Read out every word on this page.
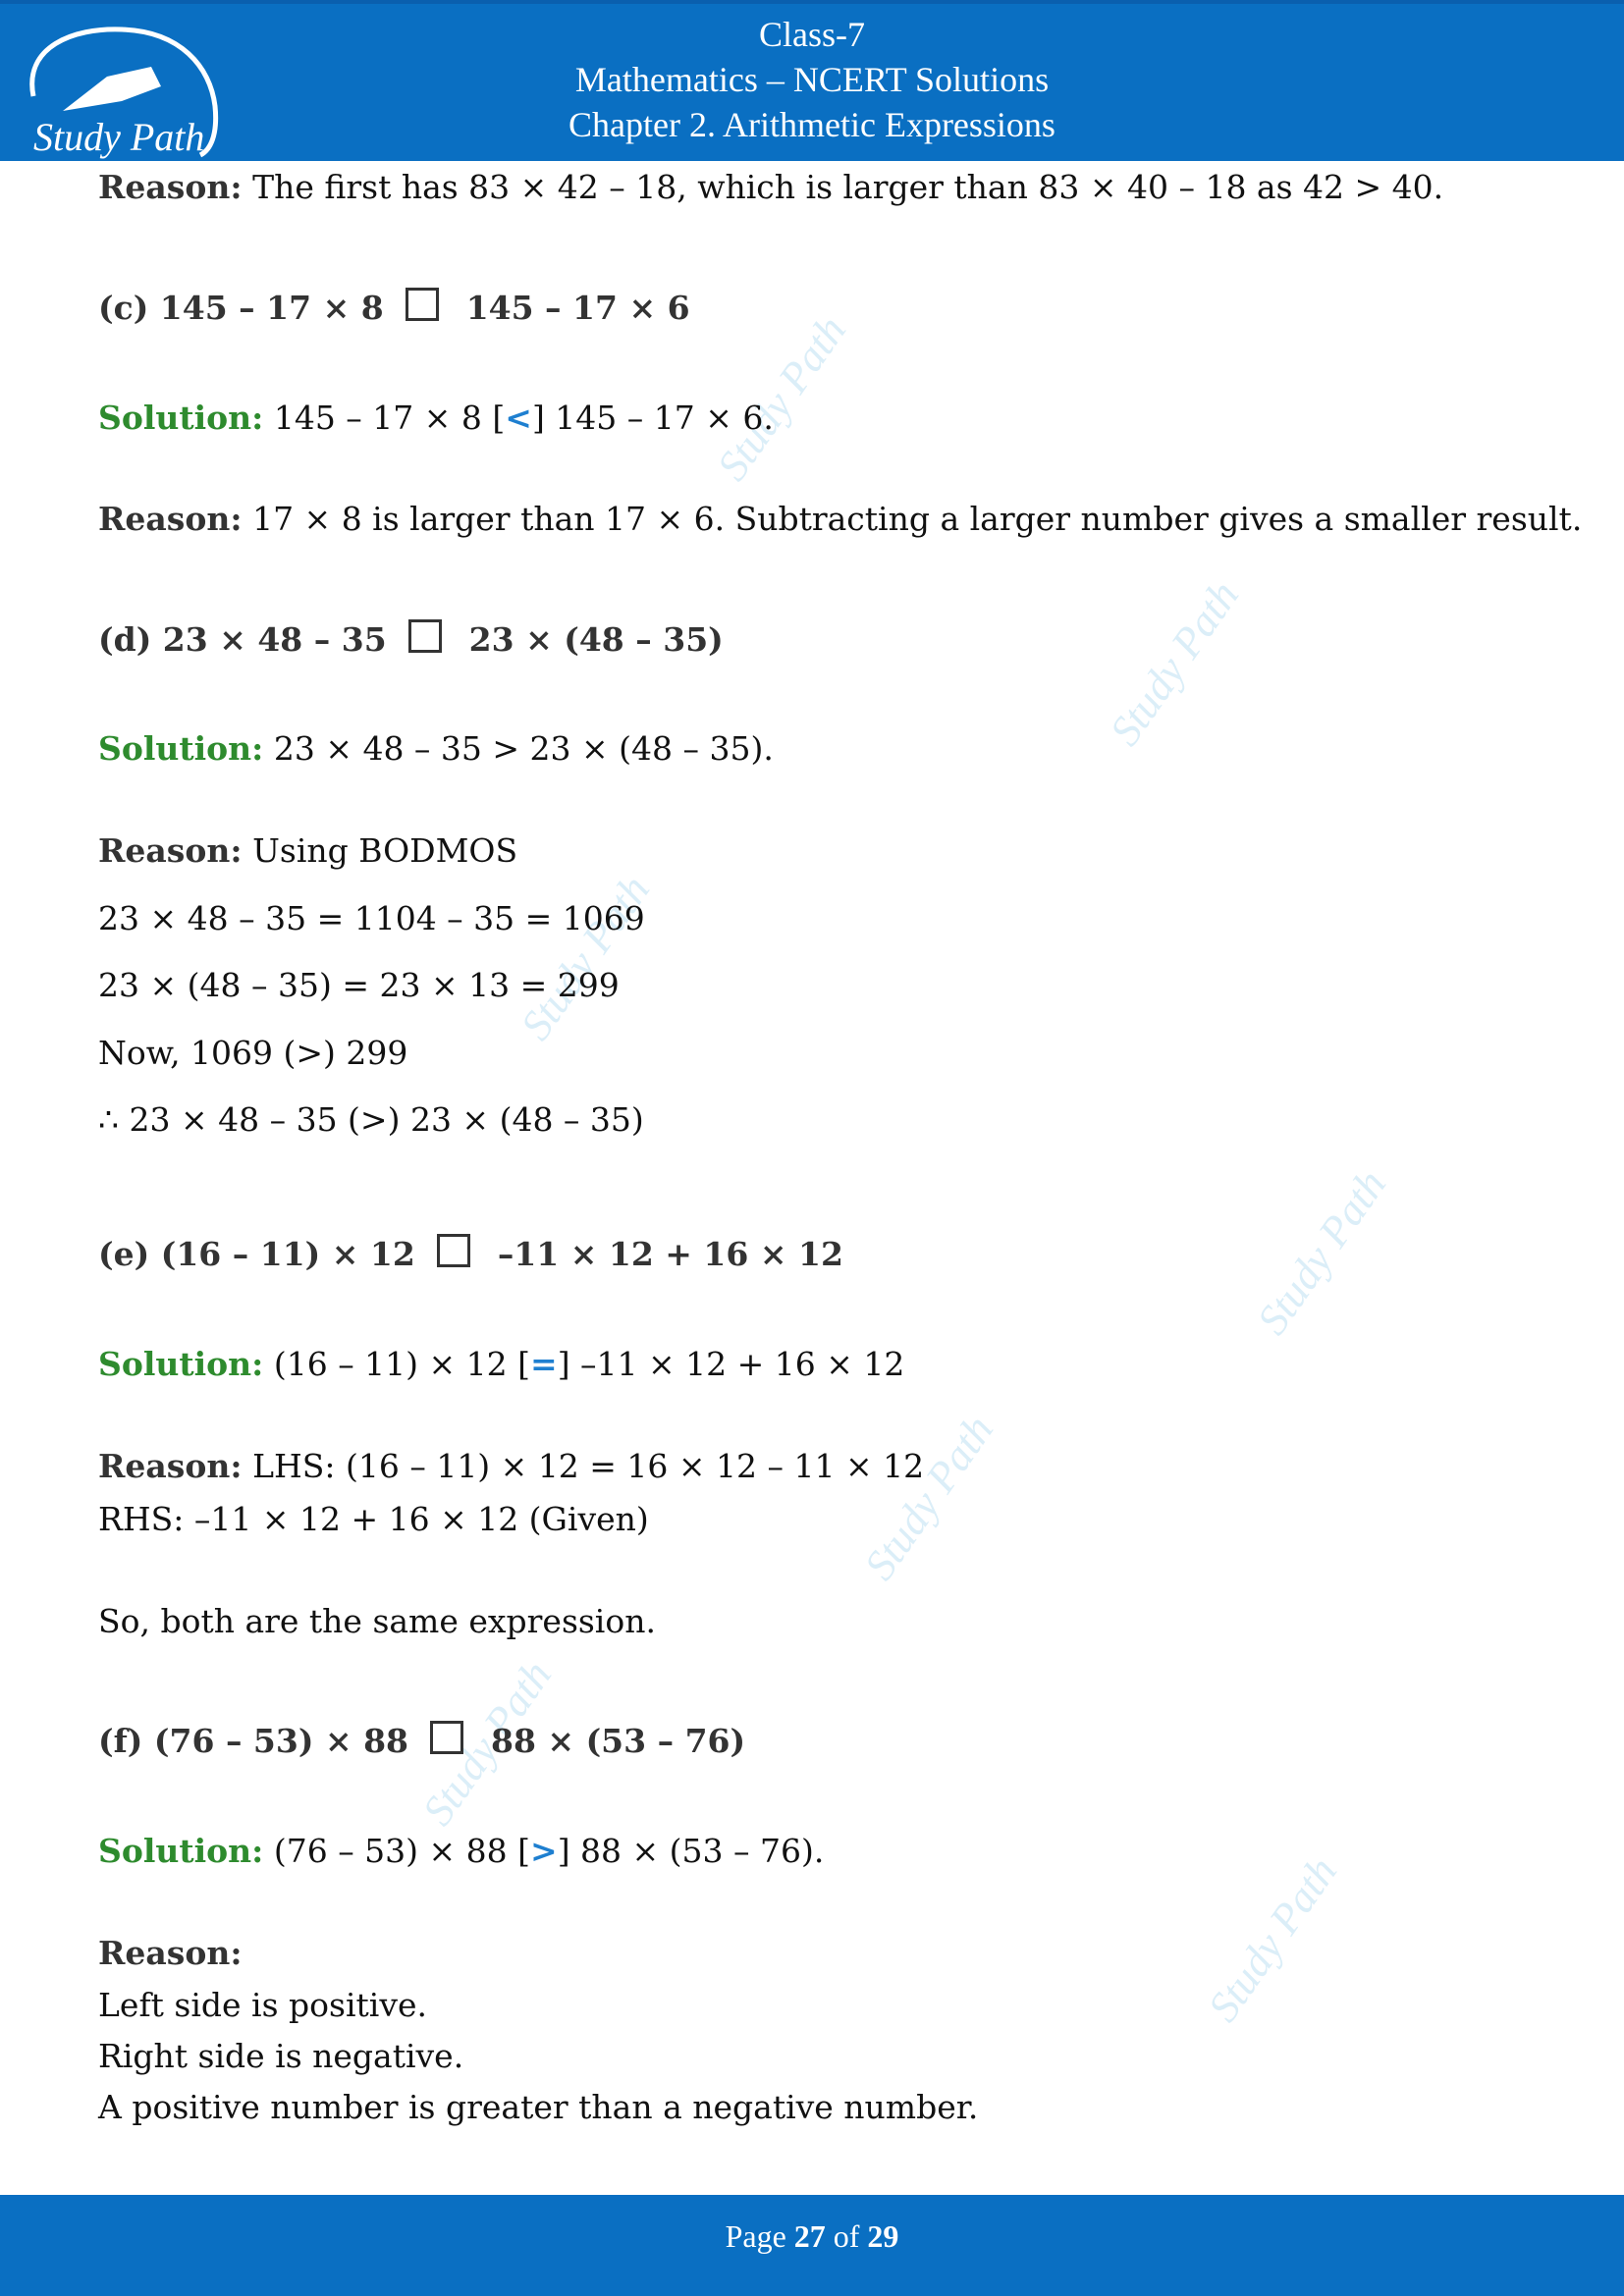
Study Path
Class-7
Mathematics – NCERT Solutions
Chapter 2. Arithmetic Expressions
Study Path
Study Path
Study Path
Study Path
Study Path
Study Path
Study Path
Reason: The first has 83 × 42 – 18, which is larger than 83 × 40 – 18 as 42 > 40.
(c) 145 – 17 × 8	145 – 17 × 6
Solution: 145 – 17 × 8 [<] 145 – 17 × 6.
Reason: 17 × 8 is larger than 17 × 6. Subtracting a larger number gives a smaller result.
(d) 23 × 48 – 35	23 × (48 – 35)
Solution: 23 × 48 – 35 > 23 × (48 – 35).
Reason: Using BODMOS
23 × 48 – 35 = 1104 – 35 = 1069
23 × (48 – 35) = 23 × 13 = 299
Now, 1069 (>) 299
∴ 23 × 48 – 35 (>) 23 × (48 – 35)
(e) (16 – 11) × 12	–11 × 12 + 16 × 12
Solution: (16 – 11) × 12 [=] –11 × 12 + 16 × 12
Reason: LHS: (16 – 11) × 12 = 16 × 12 – 11 × 12
RHS: –11 × 12 + 16 × 12 (Given)
So, both are the same expression.
(f) (76 – 53) × 88	88 × (53 – 76)
Solution: (76 – 53) × 88 [>] 88 × (53 – 76).
Reason:
Left side is positive.
Right side is negative.
A positive number is greater than a negative number.
Page 27 of 29
